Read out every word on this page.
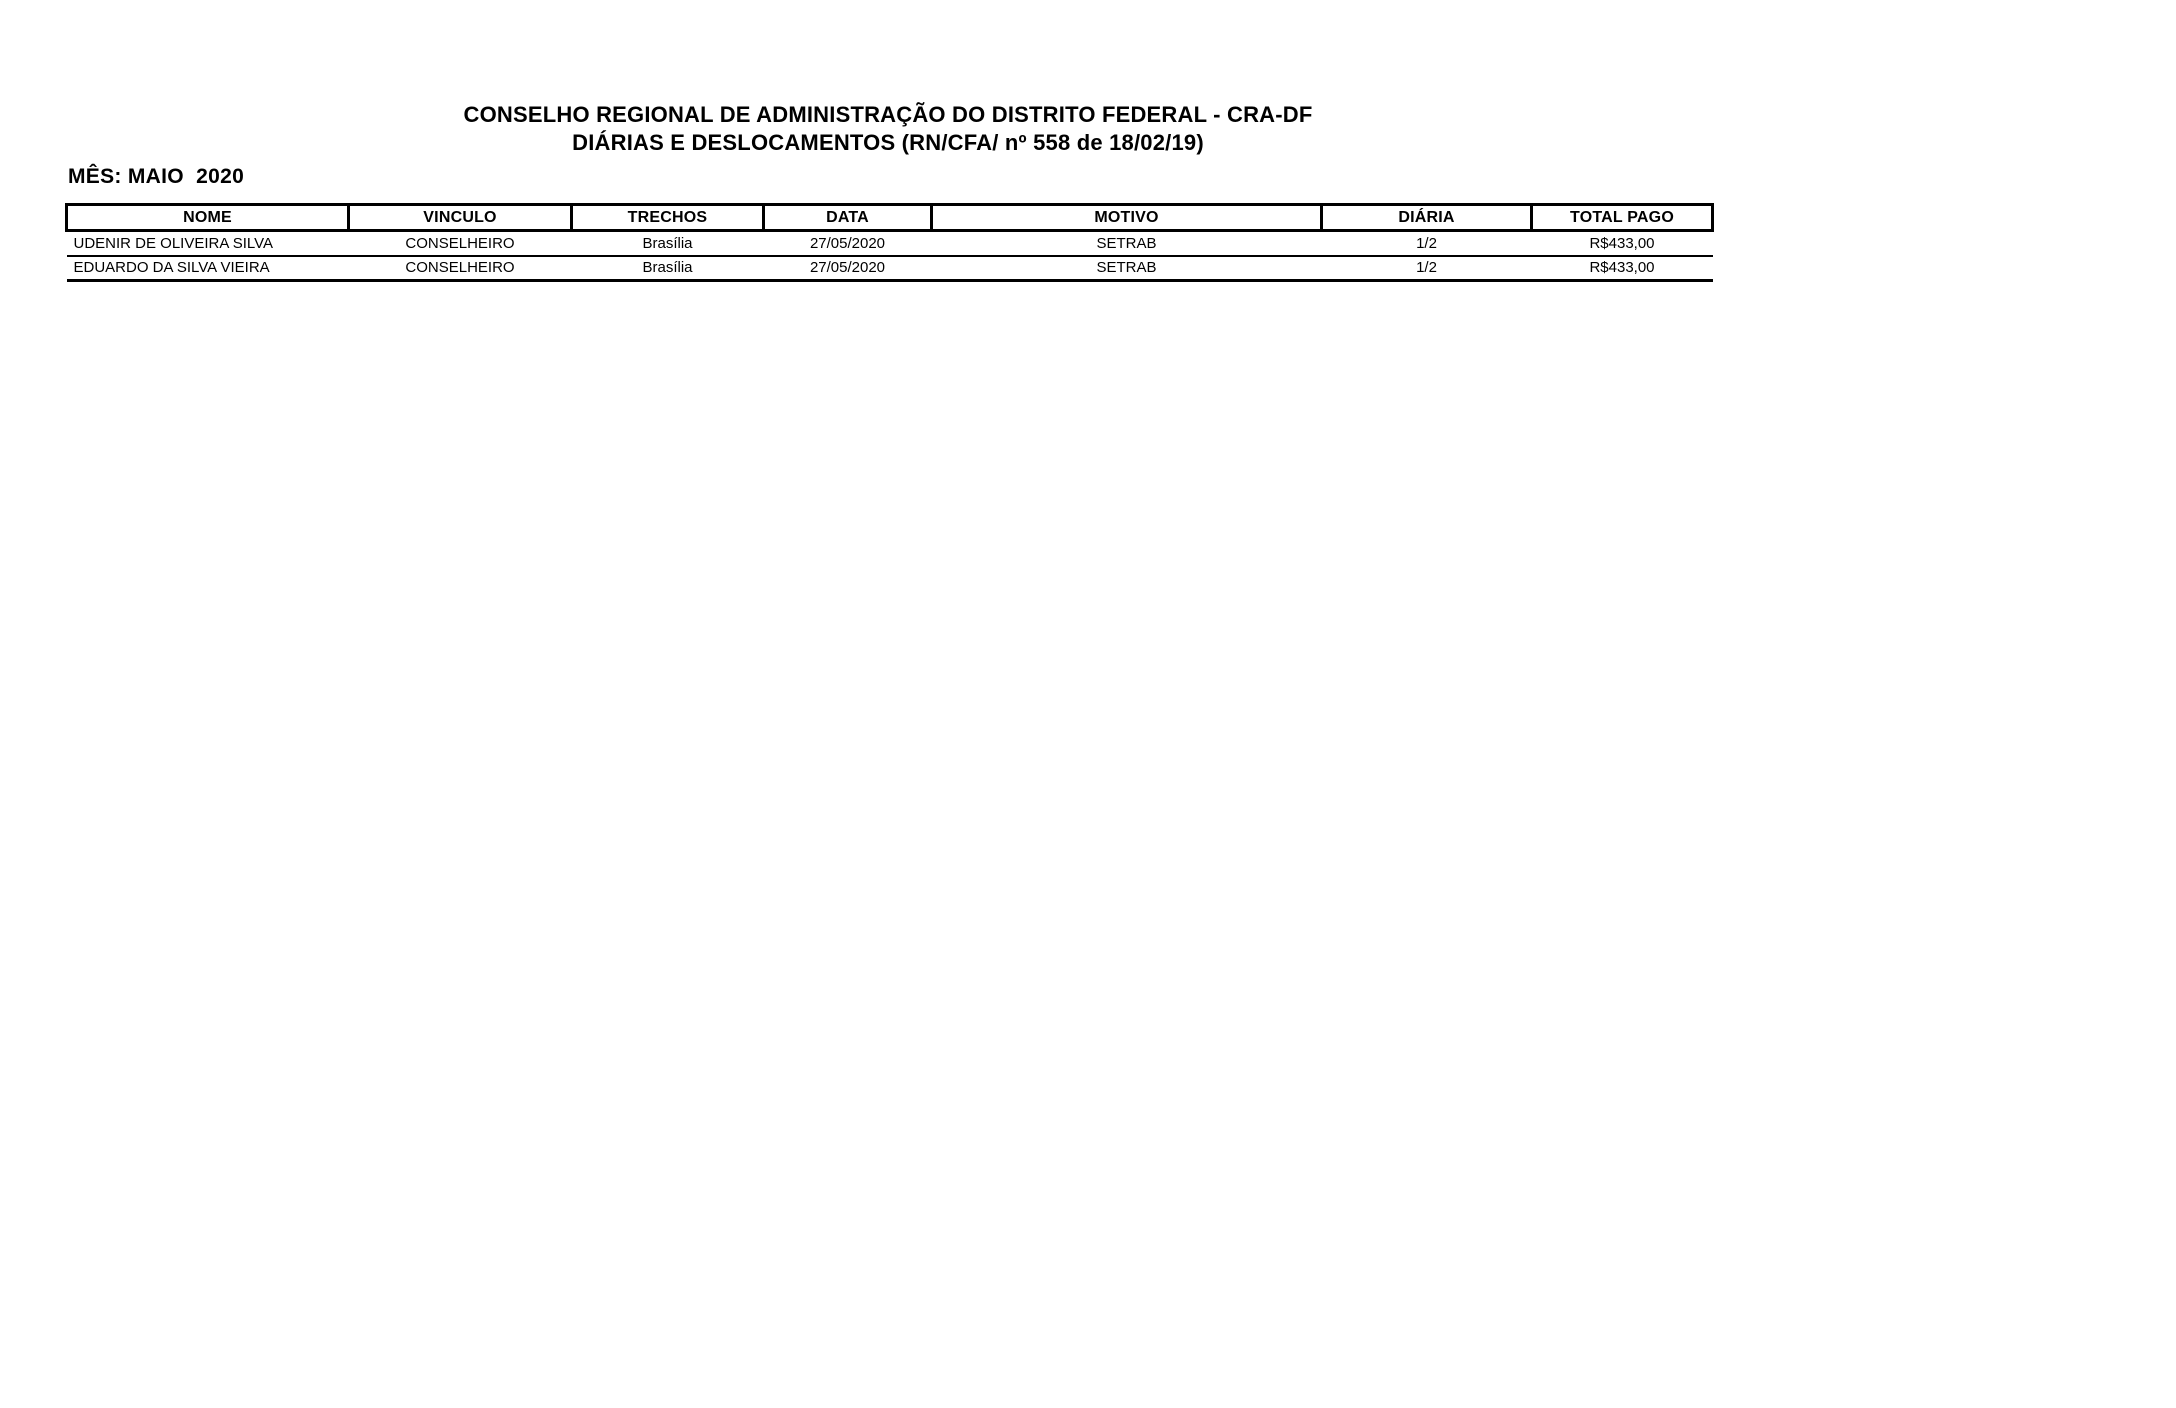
CONSELHO REGIONAL DE ADMINISTRAÇÃO DO DISTRITO FEDERAL - CRA-DF
DIÁRIAS E DESLOCAMENTOS (RN/CFA/ nº 558 de 18/02/19)
MÊS: MAIO  2020
NOME	VINCULO	TRECHOS	DATA	MOTIVO	DIÁRIA	TOTAL PAGO
UDENIR DE OLIVEIRA SILVA	CONSELHEIRO	Brasília	27/05/2020	SETRAB	1/2	R$433,00
EDUARDO DA SILVA VIEIRA	CONSELHEIRO	Brasília	27/05/2020	SETRAB	1/2	R$433,00
